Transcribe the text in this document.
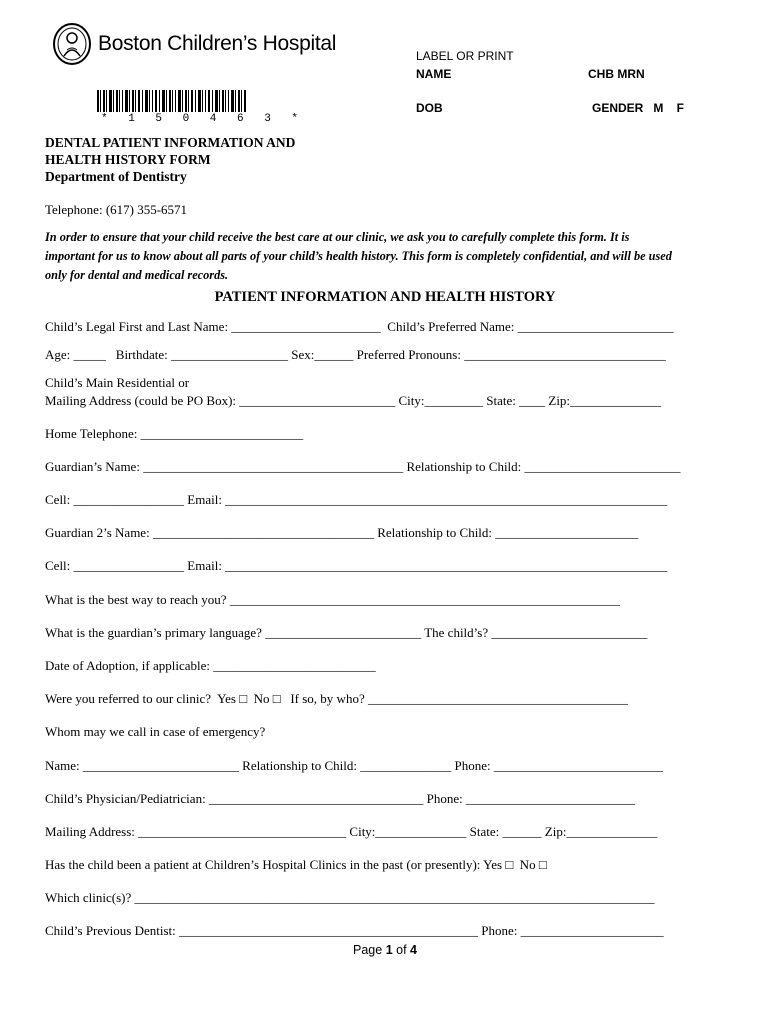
Boston Children’s Hospital
* 1 5 0 4 6 3 *
LABEL OR PRINT
NAME	CHB MRN
DOB	GENDER   M    F
DENTAL PATIENT INFORMATION AND
HEALTH HISTORY FORM
Department of Dentistry
Telephone: (617) 355-6571
In order to ensure that your child receive the best care at our clinic, we ask you to carefully complete this form. It is
important for us to know about all parts of your child’s health history. This form is completely confidential, and will be used
only for dental and medical records.
PATIENT INFORMATION AND HEALTH HISTORY
Child’s Legal First and Last Name: _______________________  Child’s Preferred Name: ________________________
Age: _____   Birthdate: __________________ Sex:______ Preferred Pronouns: _______________________________
Child’s Main Residential or
Mailing Address (could be PO Box): ________________________ City:_________ State: ____ Zip:______________
Home Telephone: _________________________
Guardian’s Name: ________________________________________ Relationship to Child: ________________________
Cell: _________________ Email: ____________________________________________________________________
Guardian 2’s Name: __________________________________ Relationship to Child: ______________________
Cell: _________________ Email: ____________________________________________________________________
What is the best way to reach you? ____________________________________________________________
What is the guardian’s primary language? ________________________ The child’s? ________________________
Date of Adoption, if applicable: _________________________
Were you referred to our clinic?  Yes □  No □   If so, by who? ________________________________________
Whom may we call in case of emergency?
Name: ________________________ Relationship to Child: ______________ Phone: __________________________
Child’s Physician/Pediatrician: _________________________________ Phone: __________________________
Mailing Address: ________________________________ City:______________ State: ______ Zip:______________
Has the child been a patient at Children’s Hospital Clinics in the past (or presently): Yes □  No □
Which clinic(s)? ________________________________________________________________________________
Child’s Previous Dentist: ______________________________________________ Phone: ______________________
Page 1 of 4
